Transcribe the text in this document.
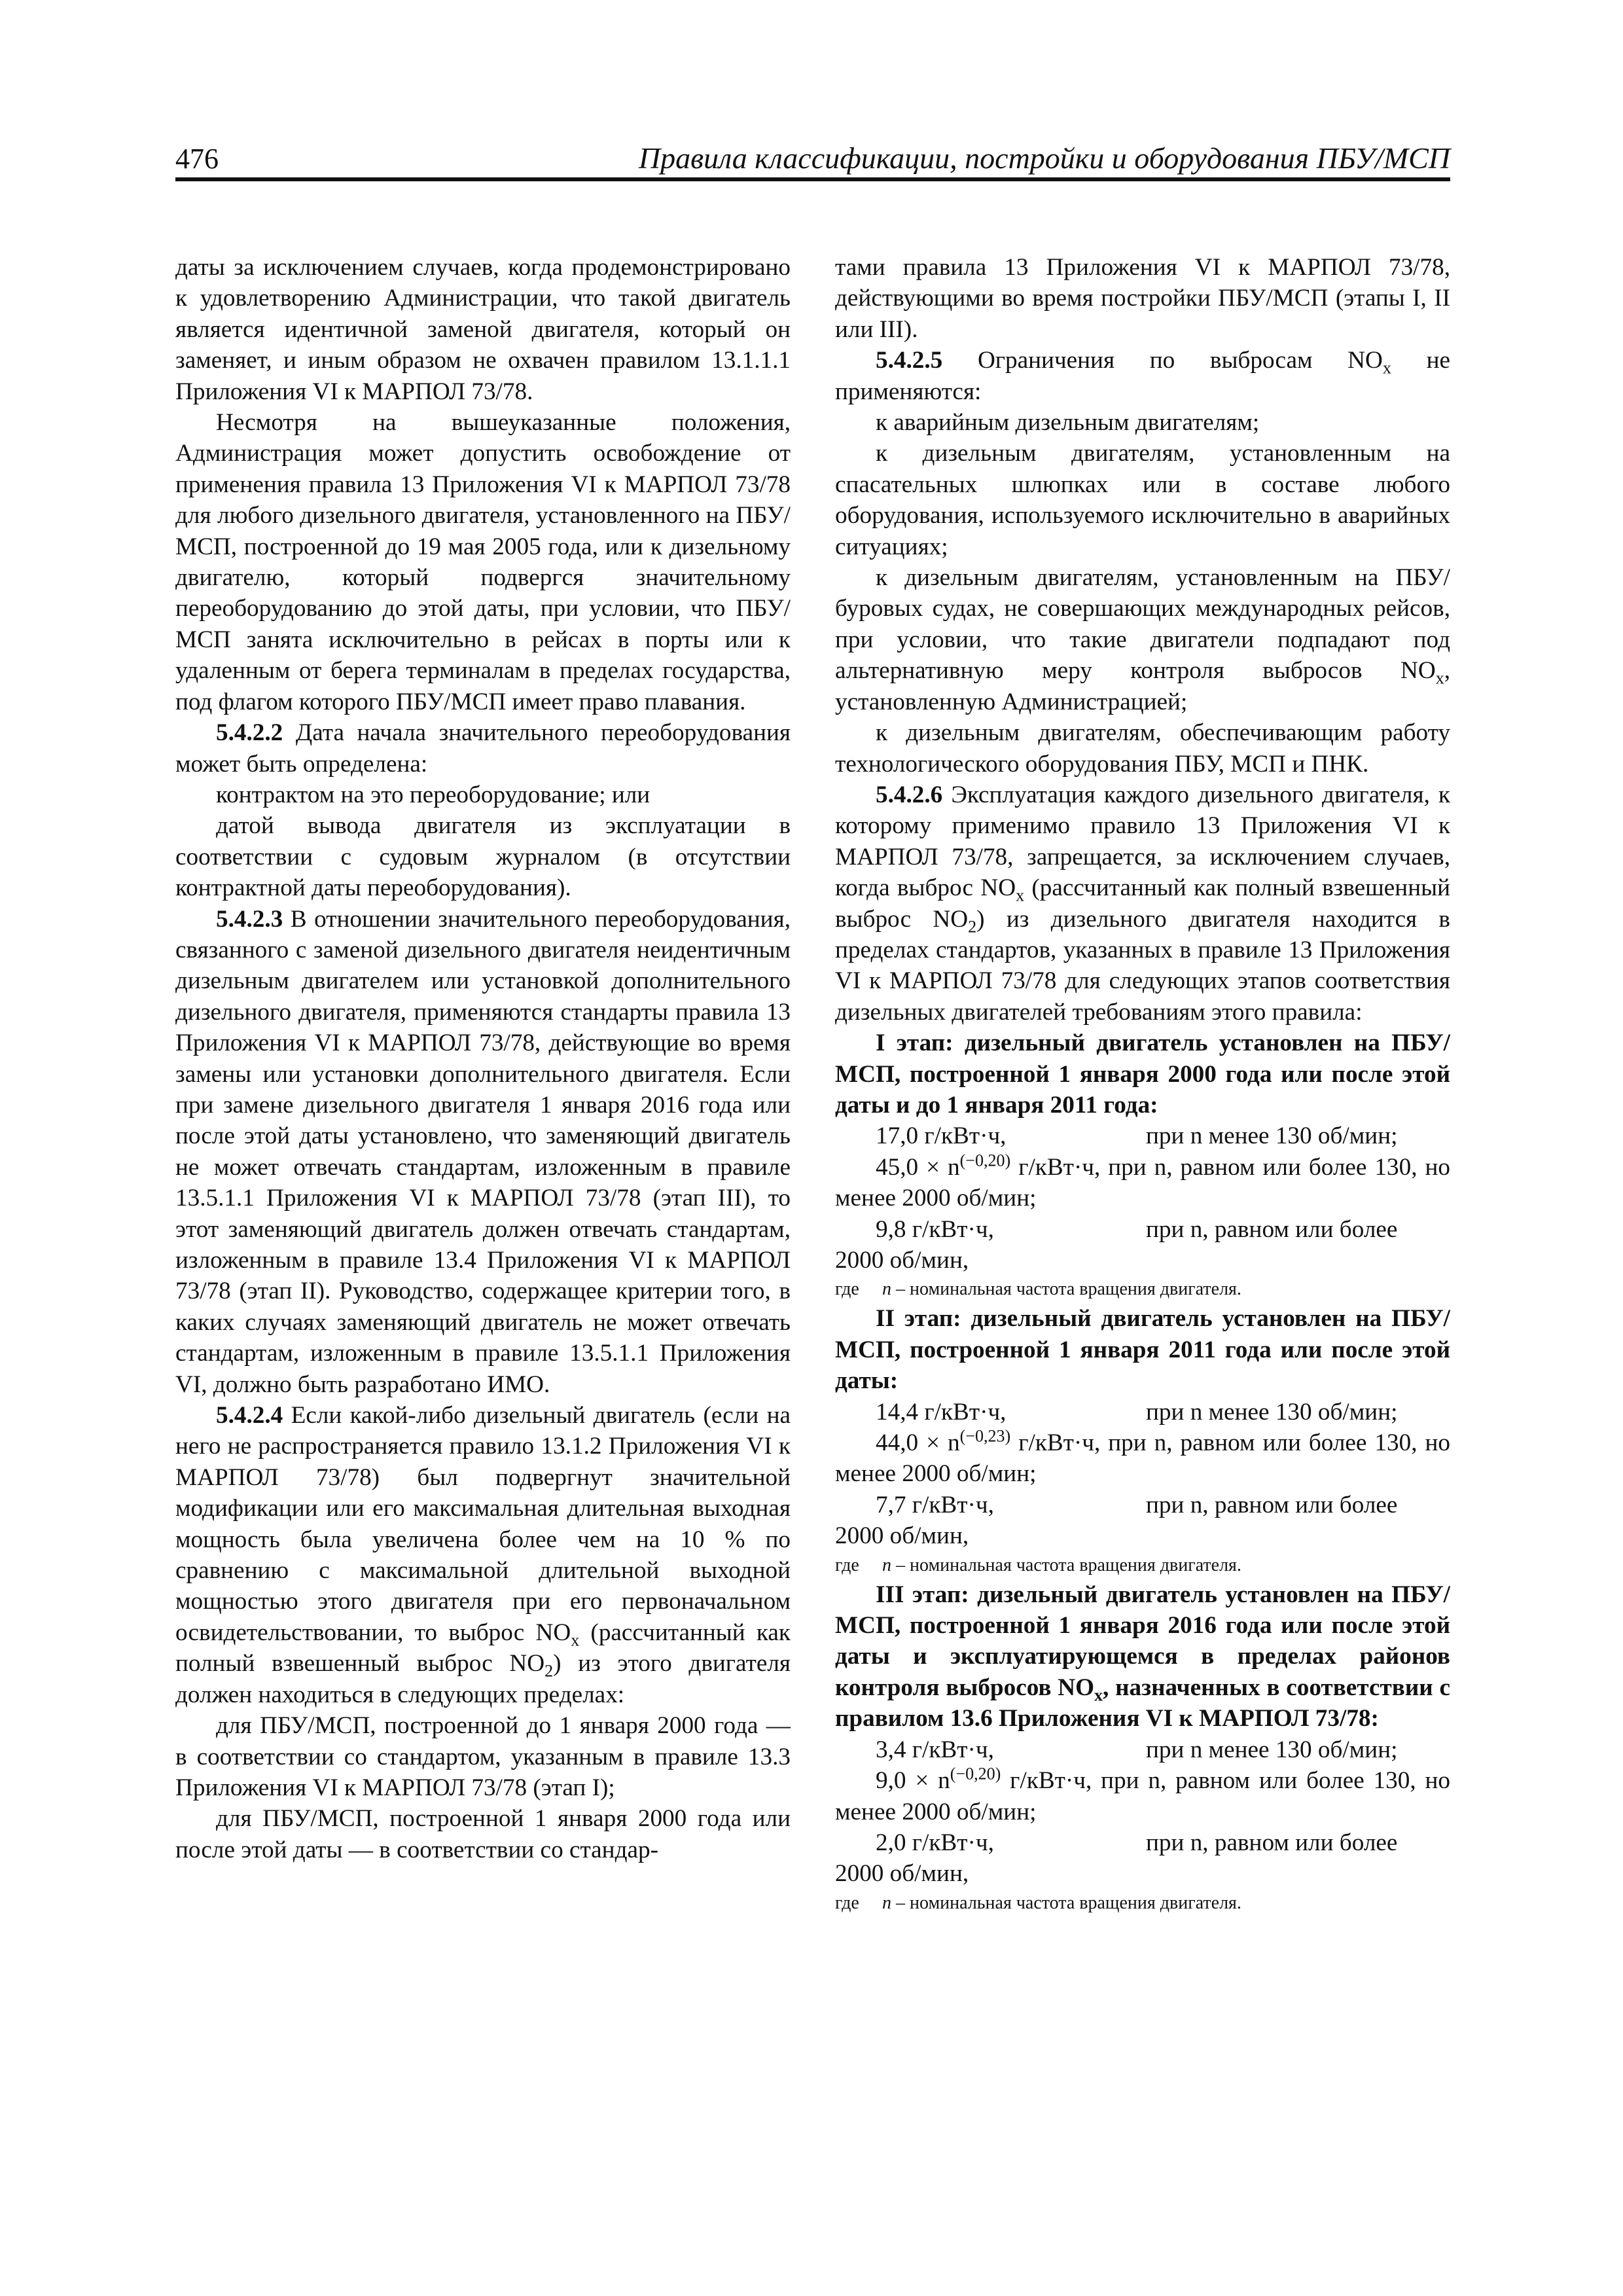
476	Правила классификации, постройки и оборудования ПБУ/МСП

даты за исключением случаев, когда продемонстрировано к удовлетворению Администрации, что такой двигатель является идентичной заменой двигателя, который он заменяет, и иным образом не охвачен правилом 13.1.1.1 Приложения VI к МАРПОЛ 73/78.

Несмотря на вышеуказанные положения, Администрация может допустить освобождение от применения правила 13 Приложения VI к МАРПОЛ 73/78 для любого дизельного двигателя, установленного на ПБУ/МСП, построенной до 19 мая 2005 года, или к дизельному двигателю, который подвергся значительному переоборудованию до этой даты, при условии, что ПБУ/МСП занята исключительно в рейсах в порты или к удаленным от берега терминалам в пределах государства, под флагом которого ПБУ/МСП имеет право плавания.

5.4.2.2 Дата начала значительного переоборудования может быть определена:

контрактом на это переоборудование; или

датой вывода двигателя из эксплуатации в соответствии с судовым журналом (в отсутствии контрактной даты переоборудования).

5.4.2.3 В отношении значительного переоборудования, связанного с заменой дизельного двигателя неидентичным дизельным двигателем или установкой дополнительного дизельного двигателя, применяются стандарты правила 13 Приложения VI к МАРПОЛ 73/78, действующие во время замены или установки дополнительного двигателя. Если при замене дизельного двигателя 1 января 2016 года или после этой даты установлено, что заменяющий двигатель не может отвечать стандартам, изложенным в правиле 13.5.1.1 Приложения VI к МАРПОЛ 73/78 (этап III), то этот заменяющий двигатель должен отвечать стандартам, изложенным в правиле 13.4 Приложения VI к МАРПОЛ 73/78 (этап II). Руководство, содержащее критерии того, в каких случаях заменяющий двигатель не может отвечать стандартам, изложенным в правиле 13.5.1.1 Приложения VI, должно быть разработано ИМО.

5.4.2.4 Если какой-либо дизельный двигатель (если на него не распространяется правило 13.1.2 Приложения VI к МАРПОЛ 73/78) был подвергнут значительной модификации или его максимальная длительная выходная мощность была увеличена более чем на 10 % по сравнению с максимальной длительной выходной мощностью этого двигателя при его первоначальном освидетельствовании, то выброс $NO_x$ (рассчитанный как полный взвешенный выброс $NO_2$) из этого двигателя должен находиться в следующих пределах:

для ПБУ/МСП, построенной до 1 января 2000 года — в соответствии со стандартом, указанным в правиле 13.3 Приложения VI к МАРПОЛ 73/78 (этап I);

для ПБУ/МСП, построенной 1 января 2000 года или после этой даты — в соответствии со стандар-

тами правила 13 Приложения VI к МАРПОЛ 73/78, действующими во время постройки ПБУ/МСП (этапы I, II или III).

5.4.2.5 Ограничения по выбросам $NO_x$ не применяются:

к аварийным дизельным двигателям;

к дизельным двигателям, установленным на спасательных шлюпках или в составе любого оборудования, используемого исключительно в аварийных ситуациях;

к дизельным двигателям, установленным на ПБУ/буровых судах, не совершающих международных рейсов, при условии, что такие двигатели подпадают под альтернативную меру контроля выбросов $NO_x$, установленную Администрацией;

к дизельным двигателям, обеспечивающим работу технологического оборудования ПБУ, МСП и ПНК.

5.4.2.6 Эксплуатация каждого дизельного двигателя, к которому применимо правило 13 Приложения VI к МАРПОЛ 73/78, запрещается, за исключением случаев, когда выброс $NO_x$ (рассчитанный как полный взвешенный выброс $NO_2$) из дизельного двигателя находится в пределах стандартов, указанных в правиле 13 Приложения VI к МАРПОЛ 73/78 для следующих этапов соответствия дизельных двигателей требованиям этого правила:

I этап: дизельный двигатель установлен на ПБУ/МСП, построенной 1 января 2000 года или после этой даты и до 1 января 2011 года:

17,0 г/кВт·ч,	при n менее 130 об/мин;

$45,0 \times n^{(-0,20)}$ г/кВт·ч, при n, равном или более 130, но менее 2000 об/мин;

9,8 г/кВт·ч,	при n, равном или более

2000 об/мин,

где n – номинальная частота вращения двигателя.

II этап: дизельный двигатель установлен на ПБУ/МСП, построенной 1 января 2011 года или после этой даты:

14,4 г/кВт·ч,	при n менее 130 об/мин;

$44,0 \times n^{(-0,23)}$ г/кВт·ч, при n, равном или более 130, но менее 2000 об/мин;

7,7 г/кВт·ч,	при n, равном или более

2000 об/мин,

где n – номинальная частота вращения двигателя.

III этап: дизельный двигатель установлен на ПБУ/МСП, построенной 1 января 2016 года или после этой даты и эксплуатирующемся в пределах районов контроля выбросов $NO_x$, назначенных в соответствии с правилом 13.6 Приложения VI к МАРПОЛ 73/78:

3,4 г/кВт·ч,	при n менее 130 об/мин;

$9,0 \times n^{(-0,20)}$ г/кВт·ч, при n, равном или более 130, но менее 2000 об/мин;

2,0 г/кВт·ч,	при n, равном или более

2000 об/мин,

где n – номинальная частота вращения двигателя.
